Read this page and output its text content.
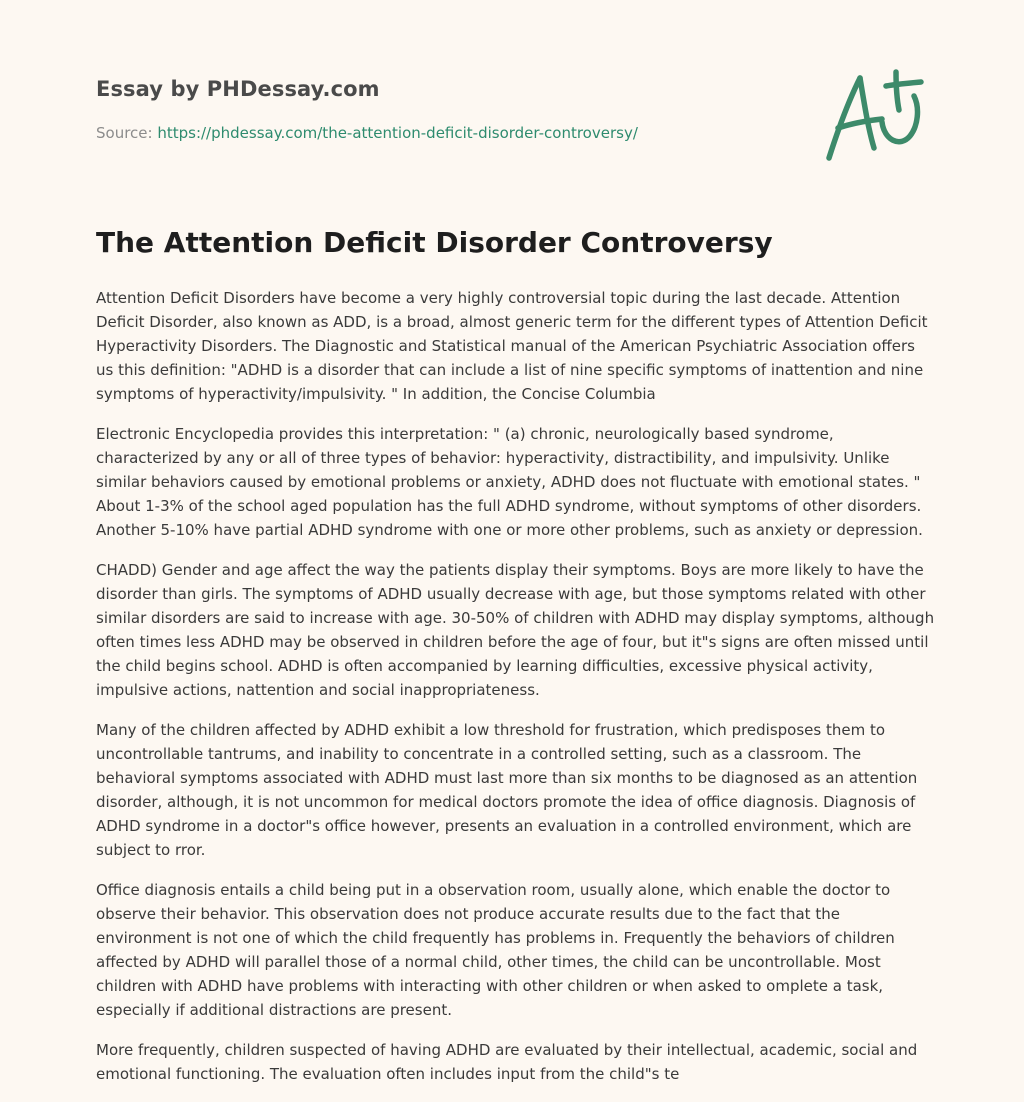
Essay by PHDessay.com
Source: https://phdessay.com/the-attention-deficit-disorder-controversy/
The Attention Deficit Disorder Controversy

Attention Deficit Disorders have become a very highly controversial topic during the last decade. Attention Deficit Disorder, also known as ADD, is a broad, almost generic term for the different types of Attention Deficit Hyperactivity Disorders. The Diagnostic and Statistical manual of the American Psychiatric Association offers us this definition: "ADHD is a disorder that can include a list of nine specific symptoms of inattention and nine symptoms of hyperactivity/impulsivity. " In addition, the Concise Columbia

Electronic Encyclopedia provides this interpretation: " (a) chronic, neurologically based syndrome, characterized by any or all of three types of behavior: hyperactivity, distractibility, and impulsivity. Unlike similar behaviors caused by emotional problems or anxiety, ADHD does not fluctuate with emotional states. " About 1-3% of the school aged population has the full ADHD syndrome, without symptoms of other disorders. Another 5-10% have partial ADHD syndrome with one or more other problems, such as anxiety or depression.

CHADD) Gender and age affect the way the patients display their symptoms. Boys are more likely to have the disorder than girls. The symptoms of ADHD usually decrease with age, but those symptoms related with other similar disorders are said to increase with age. 30-50% of children with ADHD may display symptoms, although often times less ADHD may be observed in children before the age of four, but it"s signs are often missed until the child begins school. ADHD is often accompanied by learning difficulties, excessive physical activity, impulsive actions, nattention and social inappropriateness.

Many of the children affected by ADHD exhibit a low threshold for frustration, which predisposes them to uncontrollable tantrums, and inability to concentrate in a controlled setting, such as a classroom. The behavioral symptoms associated with ADHD must last more than six months to be diagnosed as an attention disorder, although, it is not uncommon for medical doctors promote the idea of office diagnosis. Diagnosis of ADHD syndrome in a doctor"s office however, presents an evaluation in a controlled environment, which are subject to rror.

Office diagnosis entails a child being put in a observation room, usually alone, which enable the doctor to observe their behavior. This observation does not produce accurate results due to the fact that the environment is not one of which the child frequently has problems in. Frequently the behaviors of children affected by ADHD will parallel those of a normal child, other times, the child can be uncontrollable. Most children with ADHD have problems with interacting with other children or when asked to omplete a task, especially if additional distractions are present.

More frequently, children suspected of having ADHD are evaluated by their intellectual, academic, social and emotional functioning. The evaluation often includes input from the child"s te
